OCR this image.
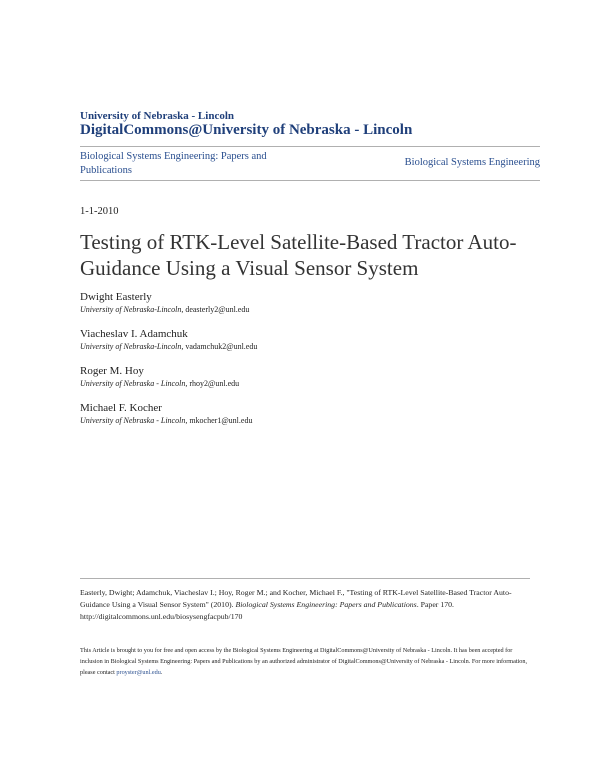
University of Nebraska - Lincoln
DigitalCommons@University of Nebraska - Lincoln
Biological Systems Engineering: Papers and Publications
Biological Systems Engineering
1-1-2010
Testing of RTK-Level Satellite-Based Tractor Auto-Guidance Using a Visual Sensor System
Dwight Easterly
University of Nebraska-Lincoln, deasterly2@unl.edu
Viacheslav I. Adamchuk
University of Nebraska-Lincoln, vadamchuk2@unl.edu
Roger M. Hoy
University of Nebraska - Lincoln, rhoy2@unl.edu
Michael F. Kocher
University of Nebraska - Lincoln, mkocher1@unl.edu
Easterly, Dwight; Adamchuk, Viacheslav I.; Hoy, Roger M.; and Kocher, Michael F., "Testing of RTK-Level Satellite-Based Tractor Auto-Guidance Using a Visual Sensor System" (2010). Biological Systems Engineering: Papers and Publications. Paper 170.
http://digitalcommons.unl.edu/biosysengfacpub/170
This Article is brought to you for free and open access by the Biological Systems Engineering at DigitalCommons@University of Nebraska - Lincoln. It has been accepted for inclusion in Biological Systems Engineering: Papers and Publications by an authorized administrator of DigitalCommons@University of Nebraska - Lincoln. For more information, please contact proyster@unl.edu.
